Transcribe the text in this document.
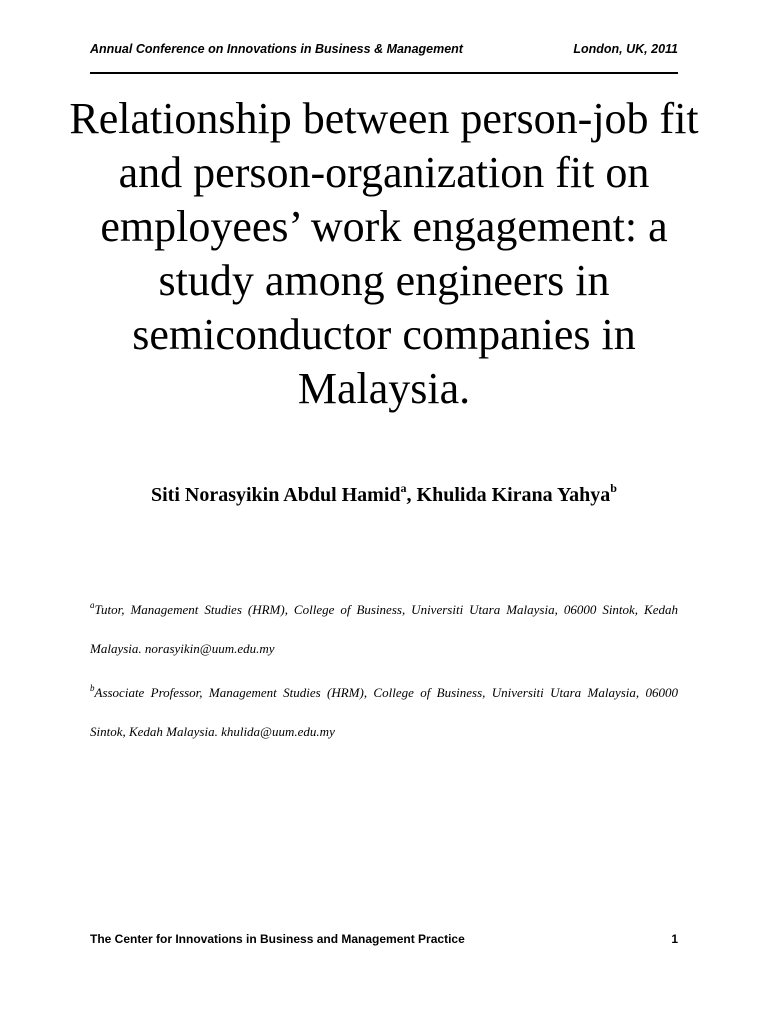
Annual Conference on Innovations in Business & Management	London, UK, 2011
Relationship between person-job fit and person-organization fit on employees’ work engagement: a study among engineers in semiconductor companies in Malaysia.
Siti Norasyikin Abdul Hamid$^a$, Khulida Kirana Yahya$^b$
$^a$Tutor, Management Studies (HRM), College of Business, Universiti Utara Malaysia, 06000 Sintok, Kedah Malaysia. norasyikin@uum.edu.my
$^b$Associate Professor, Management Studies (HRM), College of Business, Universiti Utara Malaysia, 06000 Sintok, Kedah Malaysia. khulida@uum.edu.my
The Center for Innovations in Business and Management Practice	1
